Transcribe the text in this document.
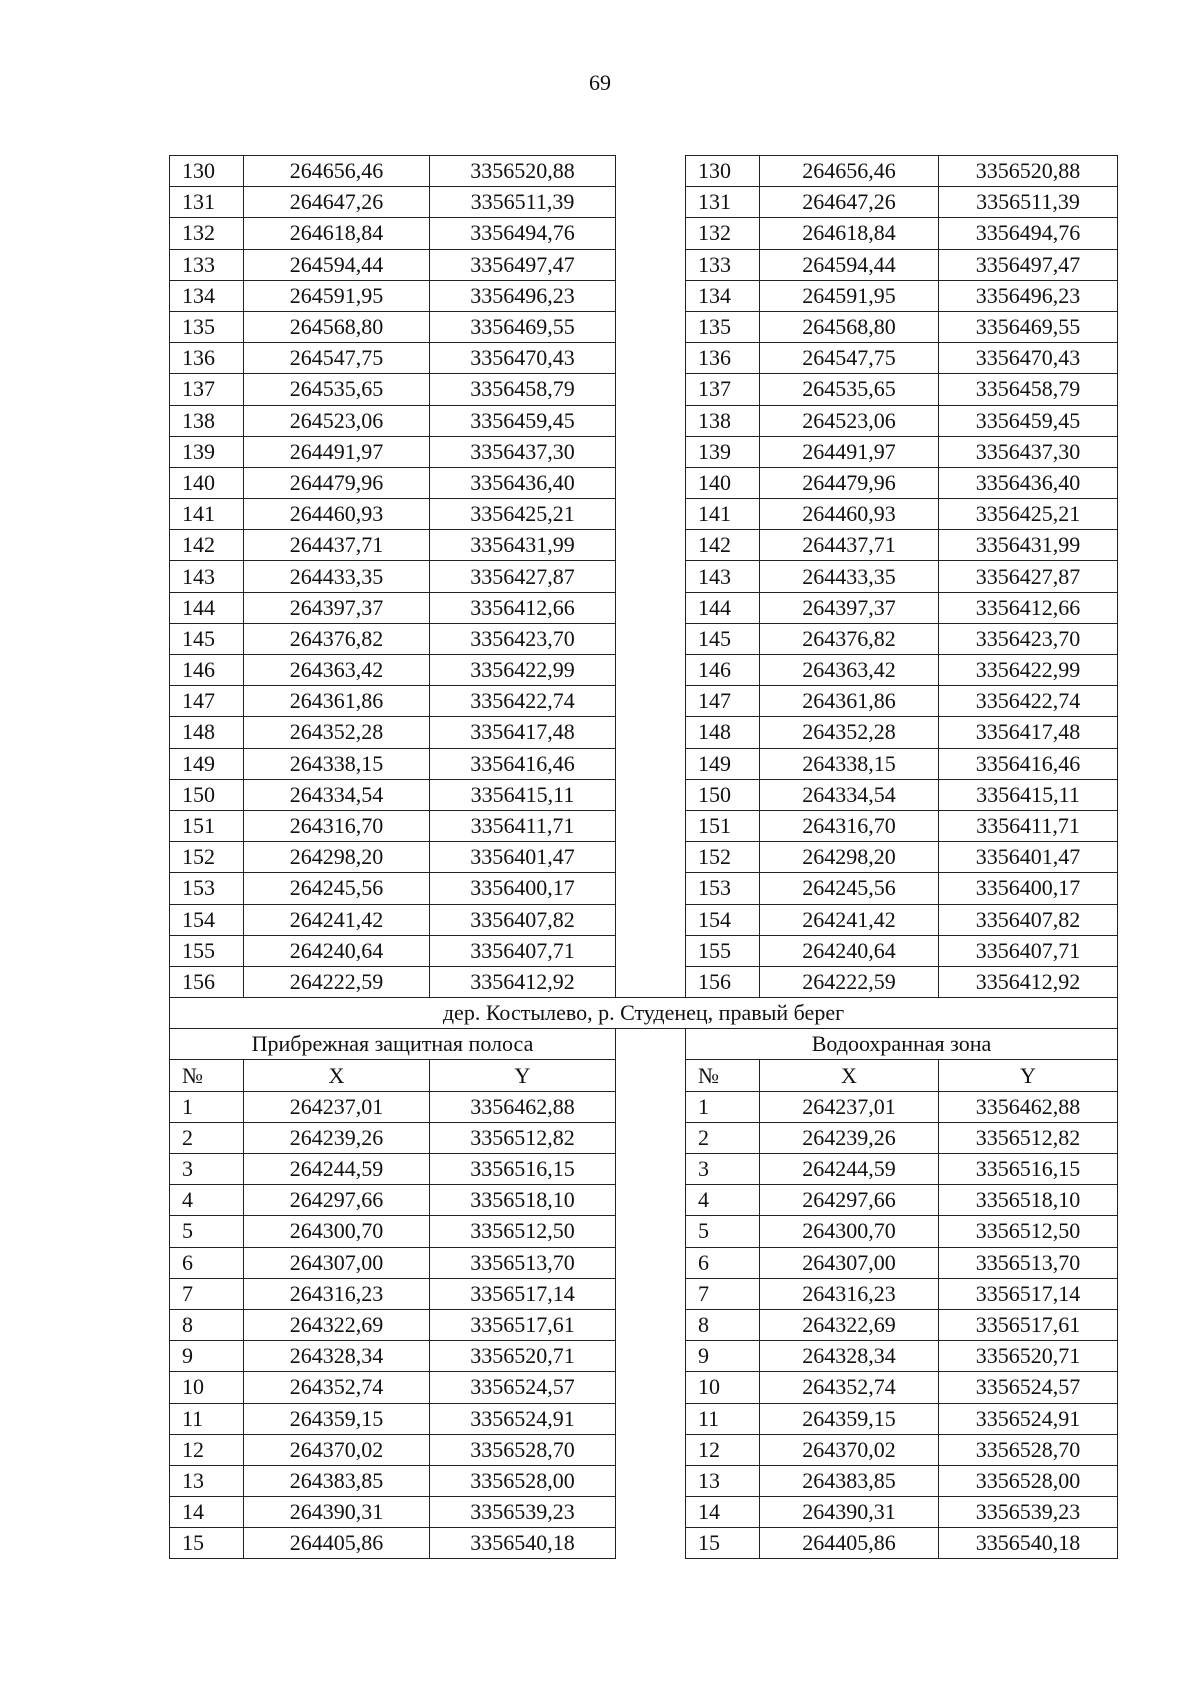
69
130	264656,46	3356520,88		130	264656,46	3356520,88
131	264647,26	3356511,39		131	264647,26	3356511,39
132	264618,84	3356494,76		132	264618,84	3356494,76
133	264594,44	3356497,47		133	264594,44	3356497,47
134	264591,95	3356496,23		134	264591,95	3356496,23
135	264568,80	3356469,55		135	264568,80	3356469,55
136	264547,75	3356470,43		136	264547,75	3356470,43
137	264535,65	3356458,79		137	264535,65	3356458,79
138	264523,06	3356459,45		138	264523,06	3356459,45
139	264491,97	3356437,30		139	264491,97	3356437,30
140	264479,96	3356436,40		140	264479,96	3356436,40
141	264460,93	3356425,21		141	264460,93	3356425,21
142	264437,71	3356431,99		142	264437,71	3356431,99
143	264433,35	3356427,87		143	264433,35	3356427,87
144	264397,37	3356412,66		144	264397,37	3356412,66
145	264376,82	3356423,70		145	264376,82	3356423,70
146	264363,42	3356422,99		146	264363,42	3356422,99
147	264361,86	3356422,74		147	264361,86	3356422,74
148	264352,28	3356417,48		148	264352,28	3356417,48
149	264338,15	3356416,46		149	264338,15	3356416,46
150	264334,54	3356415,11		150	264334,54	3356415,11
151	264316,70	3356411,71		151	264316,70	3356411,71
152	264298,20	3356401,47		152	264298,20	3356401,47
153	264245,56	3356400,17		153	264245,56	3356400,17
154	264241,42	3356407,82		154	264241,42	3356407,82
155	264240,64	3356407,71		155	264240,64	3356407,71
156	264222,59	3356412,92		156	264222,59	3356412,92
дер. Костылево, р. Студенец, правый берег						
Прибрежная защитная полоса				Водоохранная зона		
№	X	Y		№	X	Y
1	264237,01	3356462,88		1	264237,01	3356462,88
2	264239,26	3356512,82		2	264239,26	3356512,82
3	264244,59	3356516,15		3	264244,59	3356516,15
4	264297,66	3356518,10		4	264297,66	3356518,10
5	264300,70	3356512,50		5	264300,70	3356512,50
6	264307,00	3356513,70		6	264307,00	3356513,70
7	264316,23	3356517,14		7	264316,23	3356517,14
8	264322,69	3356517,61		8	264322,69	3356517,61
9	264328,34	3356520,71		9	264328,34	3356520,71
10	264352,74	3356524,57		10	264352,74	3356524,57
11	264359,15	3356524,91		11	264359,15	3356524,91
12	264370,02	3356528,70		12	264370,02	3356528,70
13	264383,85	3356528,00		13	264383,85	3356528,00
14	264390,31	3356539,23		14	264390,31	3356539,23
15	264405,86	3356540,18		15	264405,86	3356540,18
